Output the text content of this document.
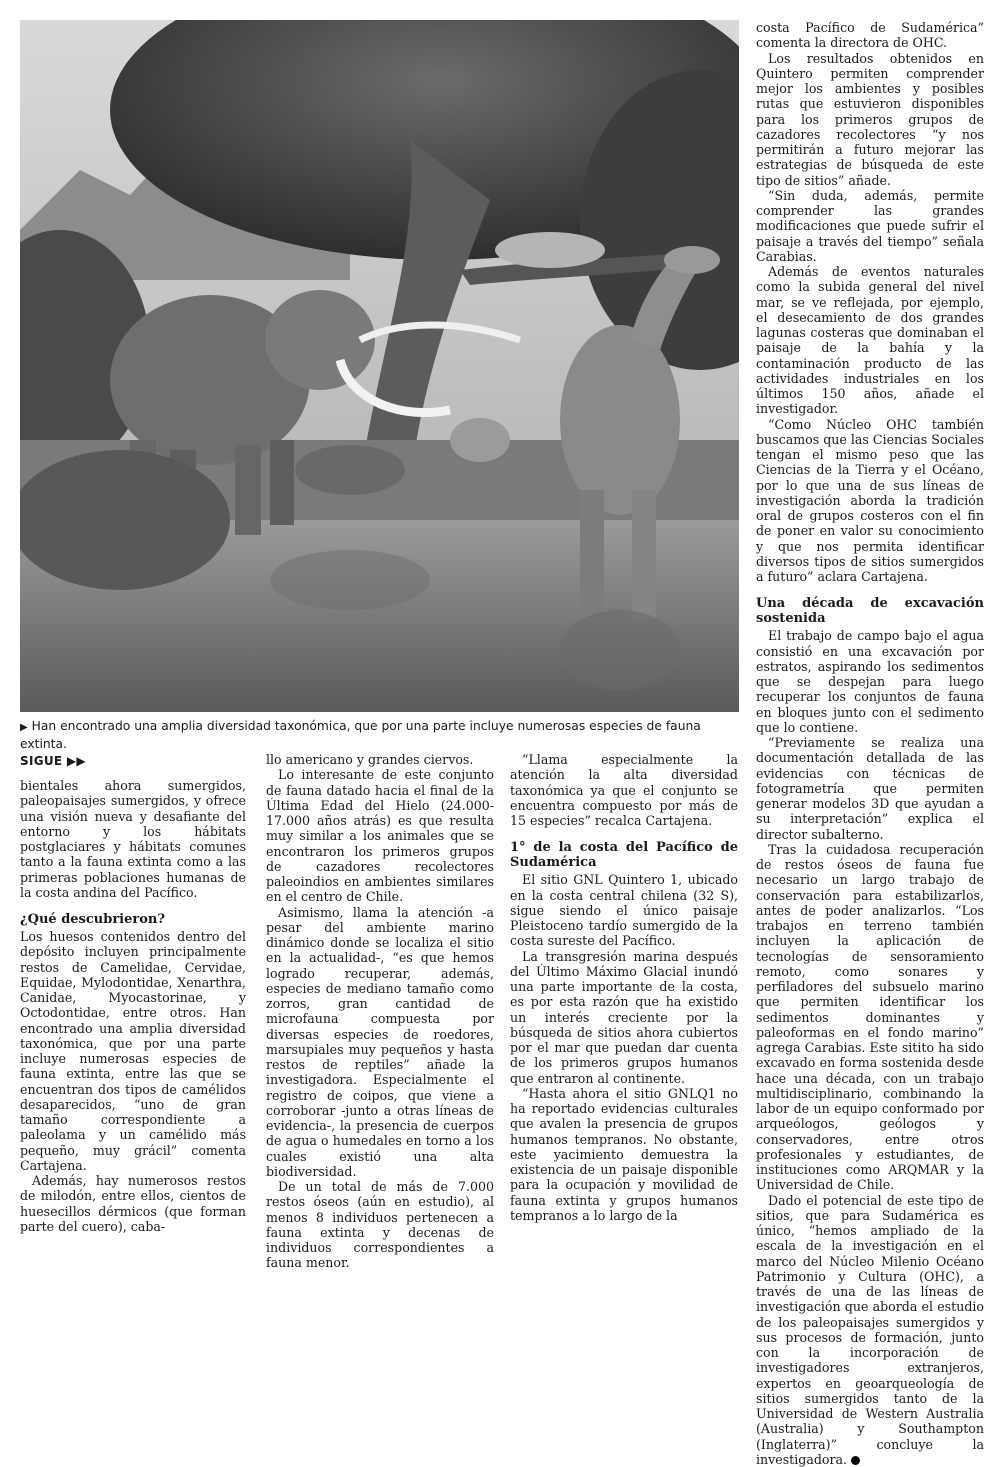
▶ Han encontrado una amplia diversidad taxonómica, que por una parte incluye numerosas especies de fauna extinta.
SIGUE ▶▶

bientales ahora sumergidos, paleopaisajes sumergidos, y ofrece una visión nueva y desafiante del entorno y los hábitats postglaciares y hábitats comunes tanto a la fauna extinta como a las primeras poblaciones humanas de la costa andina del Pacífico.

¿Qué descubrieron?

Los huesos contenidos dentro del depósito incluyen principalmente restos de Camelidae, Cervidae, Equidae, Mylodontidae, Xenarthra, Canidae, Myocastorinae, y Octodontidae, entre otros. Han encontrado una amplia diversidad taxonómica, que por una parte incluye numerosas especies de fauna extinta, entre las que se encuentran dos tipos de camélidos desaparecidos, “uno de gran tamaño correspondiente a paleolama y un camélido más pequeño, muy grácil” comenta Cartajena.

Además, hay numerosos restos de milodón, entre ellos, cientos de huesecillos dérmicos (que forman parte del cuero), caba-

llo americano y grandes ciervos.

Lo interesante de este conjunto de fauna datado hacia el final de la Última Edad del Hielo (24.000-17.000 años atrás) es que resulta muy similar a los animales que se encontraron los primeros grupos de cazadores recolectores paleoindios en ambientes similares en el centro de Chile.

Asimismo, llama la atención -a pesar del ambiente marino dinámico donde se localiza el sitio en la actualidad-, “es que hemos logrado recuperar, además, especies de mediano tamaño como zorros, gran cantidad de microfauna compuesta por diversas especies de roedores, marsupiales muy pequeños y hasta restos de reptiles” añade la investigadora. Especialmente el registro de coipos, que viene a corroborar -junto a otras líneas de evidencia-, la presencia de cuerpos de agua o humedales en torno a los cuales existió una alta biodiversidad.

De un total de más de 7.000 restos óseos (aún en estudio), al menos 8 individuos pertenecen a fauna extinta y decenas de individuos correspondientes a fauna menor.

“Llama especialmente la atención la alta diversidad taxonómica ya que el conjunto se encuentra compuesto por más de 15 especies” recalca Cartajena.

1° de la costa del Pacífico de Sudamérica

El sitio GNL Quintero 1, ubicado en la costa central chilena (32 S), sigue siendo el único paisaje Pleistoceno tardío sumergido de la costa sureste del Pacífico.

La transgresión marina después del Último Máximo Glacial inundó una parte importante de la costa, es por esta razón que ha existido un interés creciente por la búsqueda de sitios ahora cubiertos por el mar que puedan dar cuenta de los primeros grupos humanos que entraron al continente.

“Hasta ahora el sitio GNLQ1 no ha reportado evidencias culturales que avalen la presencia de grupos humanos tempranos. No obstante, este yacimiento demuestra la existencia de un paisaje disponible para la ocupación y movilidad de fauna extinta y grupos humanos tempranos a lo largo de la

costa Pacífico de Sudamérica” comenta la directora de OHC.

Los resultados obtenidos en Quintero permiten comprender mejor los ambientes y posibles rutas que estuvieron disponibles para los primeros grupos de cazadores recolectores “y nos permitirán a futuro mejorar las estrategias de búsqueda de este tipo de sitios” añade.

“Sin duda, además, permite comprender las grandes modificaciones que puede sufrir el paisaje a través del tiempo” señala Carabias.

Además de eventos naturales como la subida general del nivel mar, se ve reflejada, por ejemplo, el desecamiento de dos grandes lagunas costeras que dominaban el paisaje de la bahía y la contaminación producto de las actividades industriales en los últimos 150 años, añade el investigador.

“Como Núcleo OHC también buscamos que las Ciencias Sociales tengan el mismo peso que las Ciencias de la Tierra y el Océano, por lo que una de sus líneas de investigación aborda la tradición oral de grupos costeros con el fin de poner en valor su conocimiento y que nos permita identificar diversos tipos de sitios sumergidos a futuro” aclara Cartajena.

Una década de excavación sostenida

El trabajo de campo bajo el agua consistió en una excavación por estratos, aspirando los sedimentos que se despejan para luego recuperar los conjuntos de fauna en bloques junto con el sedimento que lo contiene.

“Previamente se realiza una documentación detallada de las evidencias con técnicas de fotogrametría que permiten generar modelos 3D que ayudan a su interpretación” explica el director subalterno.

Tras la cuidadosa recuperación de restos óseos de fauna fue necesario un largo trabajo de conservación para estabilizarlos, antes de poder analizarlos. “Los trabajos en terreno también incluyen la aplicación de tecnologías de sensoramiento remoto, como sonares y perfiladores del subsuelo marino que permiten identificar los sedimentos dominantes y paleoformas en el fondo marino” agrega Carabias. Este sitito ha sido excavado en forma sostenida desde hace una década, con un trabajo multidisciplinario, combinando la labor de un equipo conformado por arqueólogos, geólogos y conservadores, entre otros profesionales y estudiantes, de instituciones como ARQMAR y la Universidad de Chile.

Dado el potencial de este tipo de sitios, que para Sudamérica es único, “hemos ampliado de la escala de la investigación en el marco del Núcleo Milenio Océano Patrimonio y Cultura (OHC), a través de una de las líneas de investigación que aborda el estudio de los paleopaisajes sumergidos y sus procesos de formación, junto con la incorporación de investigadores extranjeros, expertos en geoarqueología de sitios sumergidos tanto de la Universidad de Western Australia (Australia) y Southampton (Inglaterra)” concluye la investigadora.
